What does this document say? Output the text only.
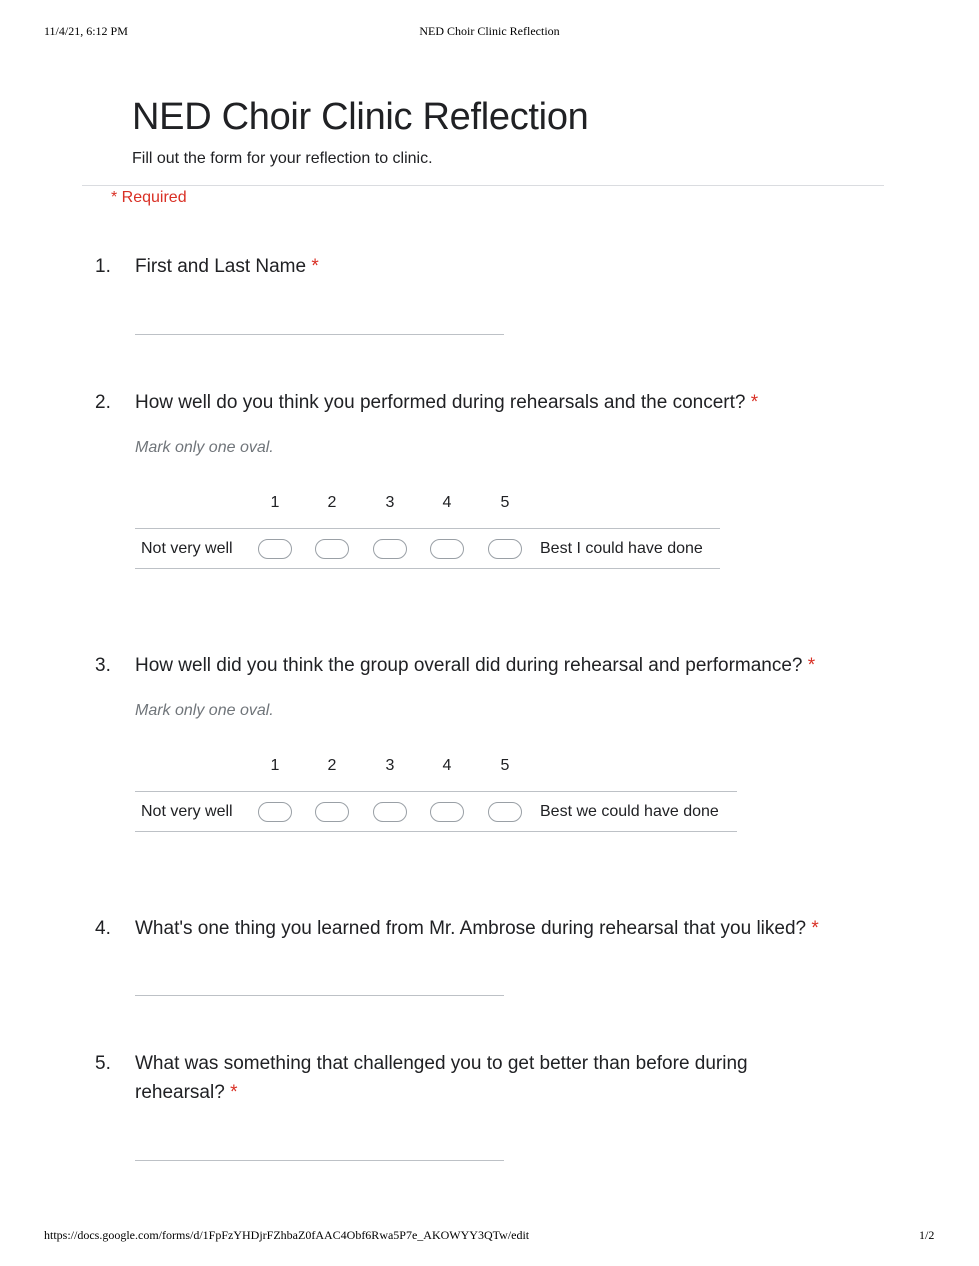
11/4/21, 6:12 PM	NED Choir Clinic Reflection
NED Choir Clinic Reflection
Fill out the form for your reflection to clinic.
* Required
1. First and Last Name *
2. How well do you think you performed during rehearsals and the concert? *
Mark only one oval.
1	2	3	4	5
Not very well	Best I could have done
3. How well did you think the group overall did during rehearsal and performance? *
Mark only one oval.
1	2	3	4	5
Not very well	Best we could have done
4. What's one thing you learned from Mr. Ambrose during rehearsal that you liked? *
5. What was something that challenged you to get better than before during
rehearsal? *
https://docs.google.com/forms/d/1FpFzYHDjrFZhbaZ0fAAC4Obf6Rwa5P7e_AKOWYY3QTw/edit	1/2
